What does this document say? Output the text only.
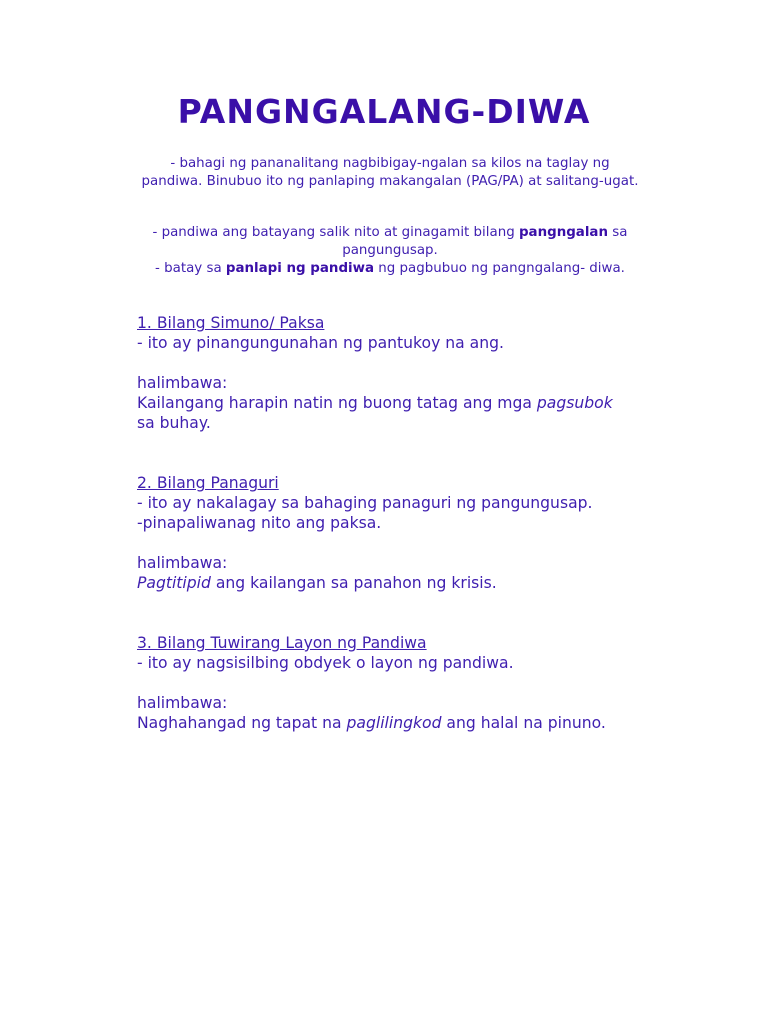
PANGNGALANG-DIWA
- bahagi ng pananalitang nagbibigay-ngalan sa kilos na taglay ng pandiwa. Binubuo ito ng panlaping makangalan (PAG/PA) at salitang-ugat.
- pandiwa ang batayang salik nito at ginagamit bilang pangngalan sa pangungusap.
- batay sa panlapi ng pandiwa ng pagbubuo ng pangngalang- diwa.
1. Bilang Simuno/ Paksa
- ito ay pinangungunahan ng pantukoy na ang.
halimbawa:
Kailangang harapin natin ng buong tatag ang mga pagsubok
sa buhay.
2. Bilang Panaguri
- ito ay nakalagay sa bahaging panaguri ng pangungusap.
-pinapaliwanag nito ang paksa.
halimbawa:
Pagtitipid ang kailangan sa panahon ng krisis.
3. Bilang Tuwirang Layon ng Pandiwa
- ito ay nagsisilbing obdyek o layon ng pandiwa.
halimbawa:
Naghahangad ng tapat na paglilingkod ang halal na pinuno.
